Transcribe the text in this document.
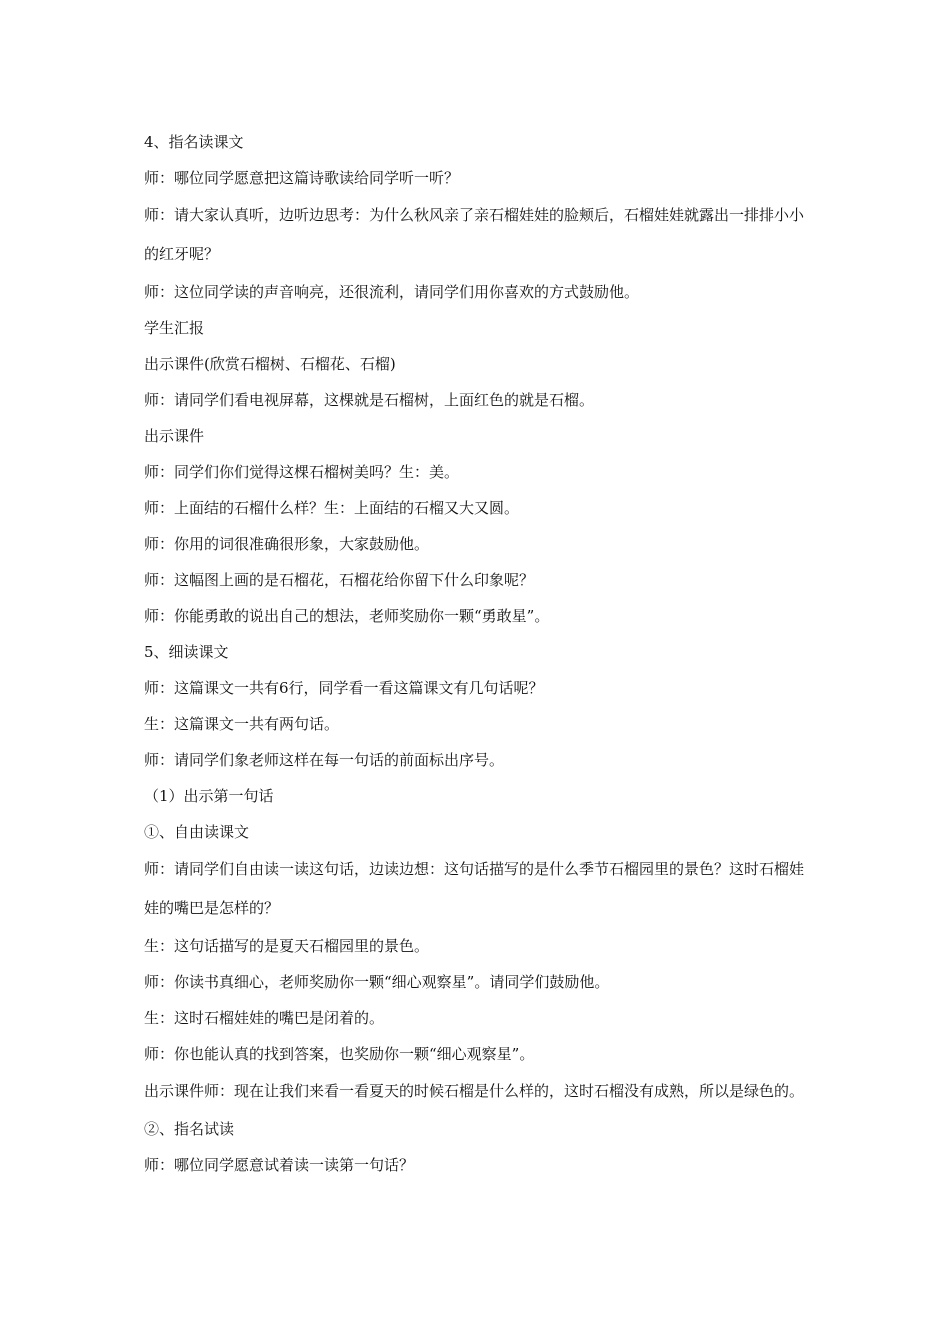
4、指名读课文

师：哪位同学愿意把这篇诗歌读给同学听一听？

师：请大家认真听，边听边思考：为什么秋风亲了亲石榴娃娃的脸颊后，石榴娃娃就露出一排排小小的红牙呢？

师：这位同学读的声音响亮，还很流利，请同学们用你喜欢的方式鼓励他。

学生汇报

出示课件(欣赏石榴树、石榴花、石榴)

师：请同学们看电视屏幕，这棵就是石榴树，上面红色的就是石榴。

出示课件

师：同学们你们觉得这棵石榴树美吗？生：美。

师：上面结的石榴什么样？生：上面结的石榴又大又圆。

师：你用的词很准确很形象，大家鼓励他。

师：这幅图上画的是石榴花，石榴花给你留下什么印象呢？

师：你能勇敢的说出自己的想法，老师奖励你一颗“勇敢星”。

5、细读课文

师：这篇课文一共有6行，同学看一看这篇课文有几句话呢？

生：这篇课文一共有两句话。

师：请同学们象老师这样在每一句话的前面标出序号。

（1）出示第一句话

①、自由读课文

师：请同学们自由读一读这句话，边读边想：这句话描写的是什么季节石榴园里的景色？这时石榴娃娃的嘴巴是怎样的？

生：这句话描写的是夏天石榴园里的景色。

师：你读书真细心，老师奖励你一颗“细心观察星”。请同学们鼓励他。

生：这时石榴娃娃的嘴巴是闭着的。

师：你也能认真的找到答案，也奖励你一颗“细心观察星”。

出示课件师：现在让我们来看一看夏天的时候石榴是什么样的，这时石榴没有成熟，所以是绿色的。

②、指名试读

师：哪位同学愿意试着读一读第一句话？
